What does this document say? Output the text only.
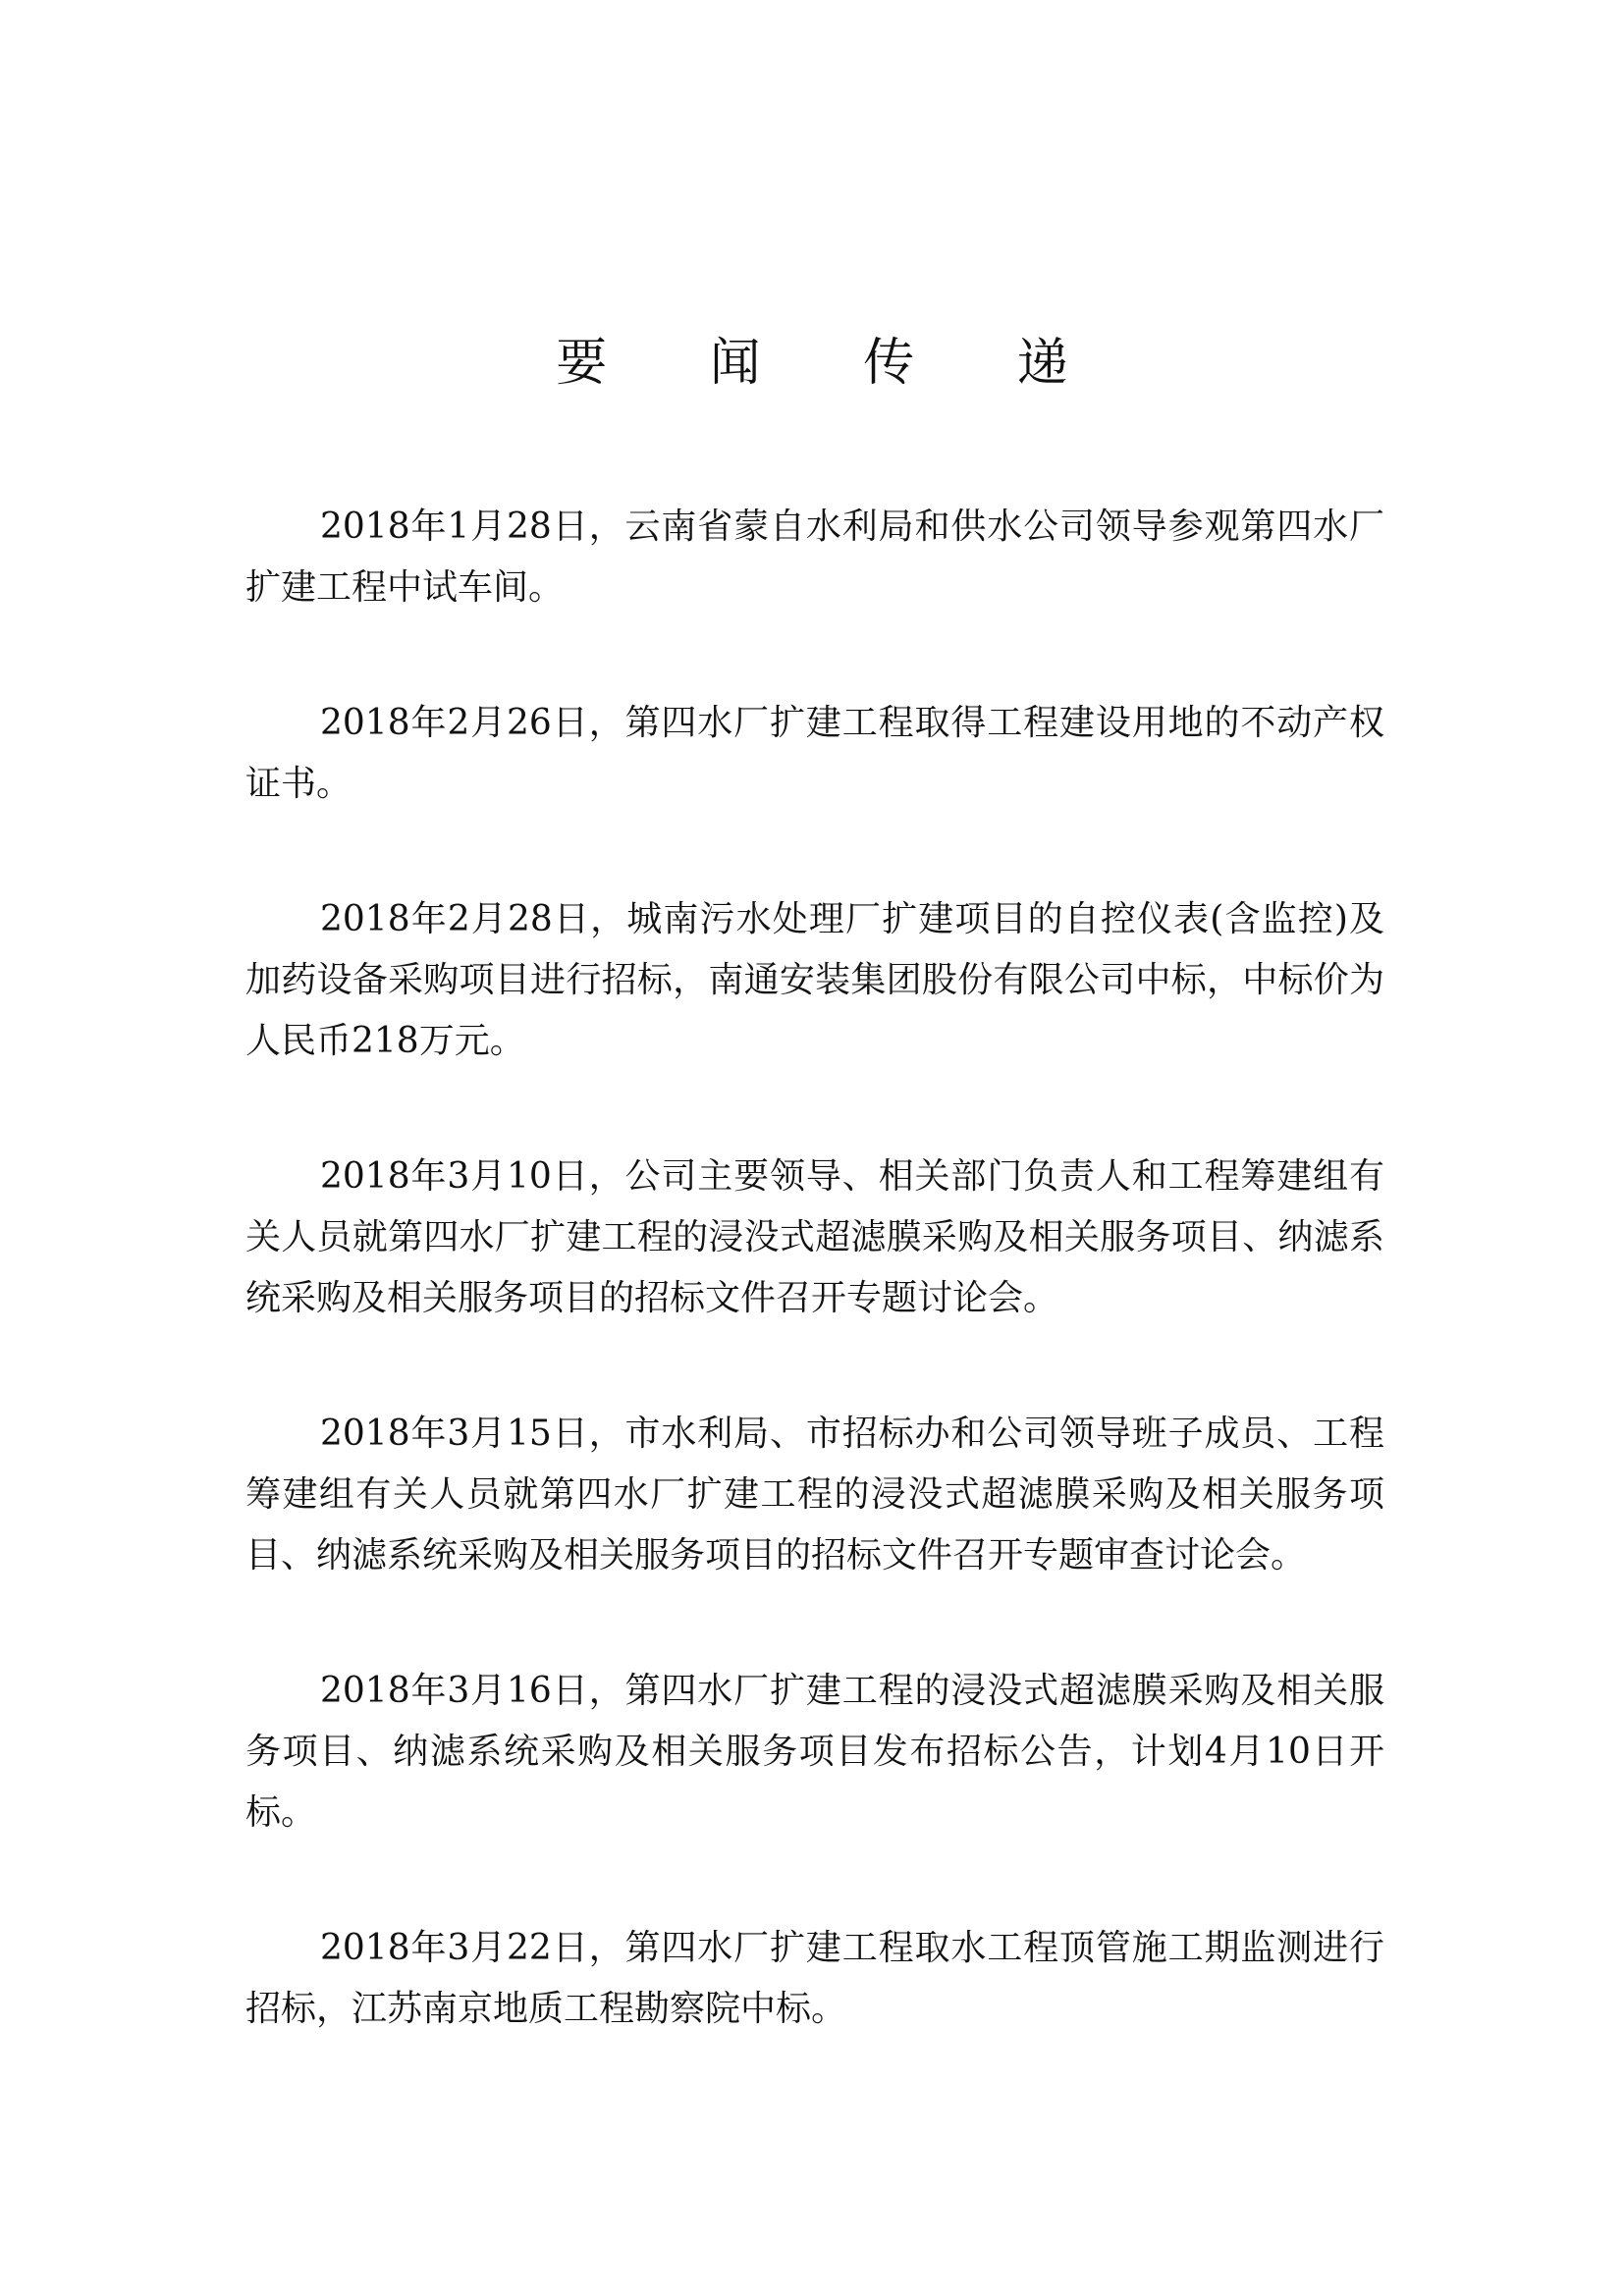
要 闻 传 递

2018年1月28日，云南省蒙自水利局和供水公司领导参观第四水厂扩建工程中试车间。

2018年2月26日，第四水厂扩建工程取得工程建设用地的不动产权证书。

2018年2月28日，城南污水处理厂扩建项目的自控仪表(含监控)及加药设备采购项目进行招标，南通安装集团股份有限公司中标，中标价为人民币218万元。

2018年3月10日，公司主要领导、相关部门负责人和工程筹建组有关人员就第四水厂扩建工程的浸没式超滤膜采购及相关服务项目、纳滤系统采购及相关服务项目的招标文件召开专题讨论会。

2018年3月15日，市水利局、市招标办和公司领导班子成员、工程筹建组有关人员就第四水厂扩建工程的浸没式超滤膜采购及相关服务项目、纳滤系统采购及相关服务项目的招标文件召开专题审查讨论会。

2018年3月16日，第四水厂扩建工程的浸没式超滤膜采购及相关服务项目、纳滤系统采购及相关服务项目发布招标公告，计划4月10日开标。

2018年3月22日，第四水厂扩建工程取水工程顶管施工期监测进行招标，江苏南京地质工程勘察院中标。
